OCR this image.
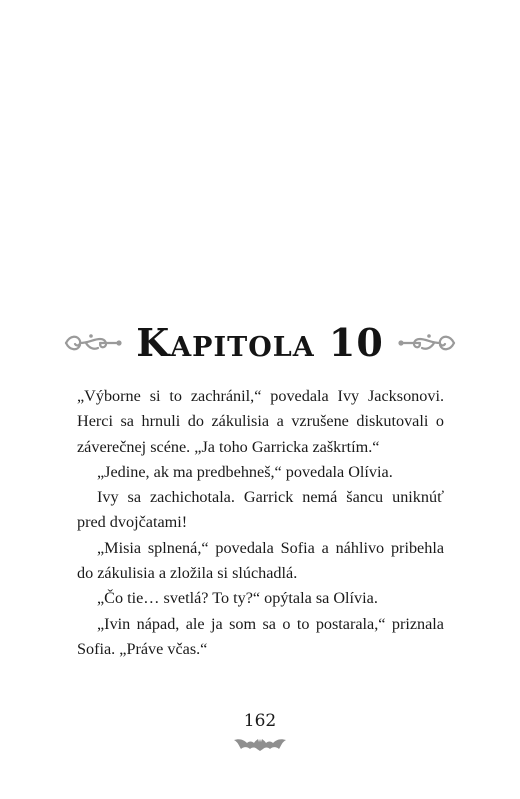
Kapitola 10

„Výborne si to zachránil,“ povedala Ivy Jacksonovi. Herci sa hrnuli do zákulisia a vzrušene diskutovali o záverečnej scéne. „Ja toho Garricka zaškrtím.“

„Jedine, ak ma predbehneš,“ povedala Olívia.

Ivy sa zachichotala. Garrick nemá šancu uniknúť pred dvojčatami!

„Misia splnená,“ povedala Sofia a náhlivo pribehla do zákulisia a zložila si slúchadlá.

„Čo tie… svetlá? To ty?“ opýtala sa Olívia.

„Ivin nápad, ale ja som sa o to postarala,“ priznala Sofia. „Práve včas.“

162
